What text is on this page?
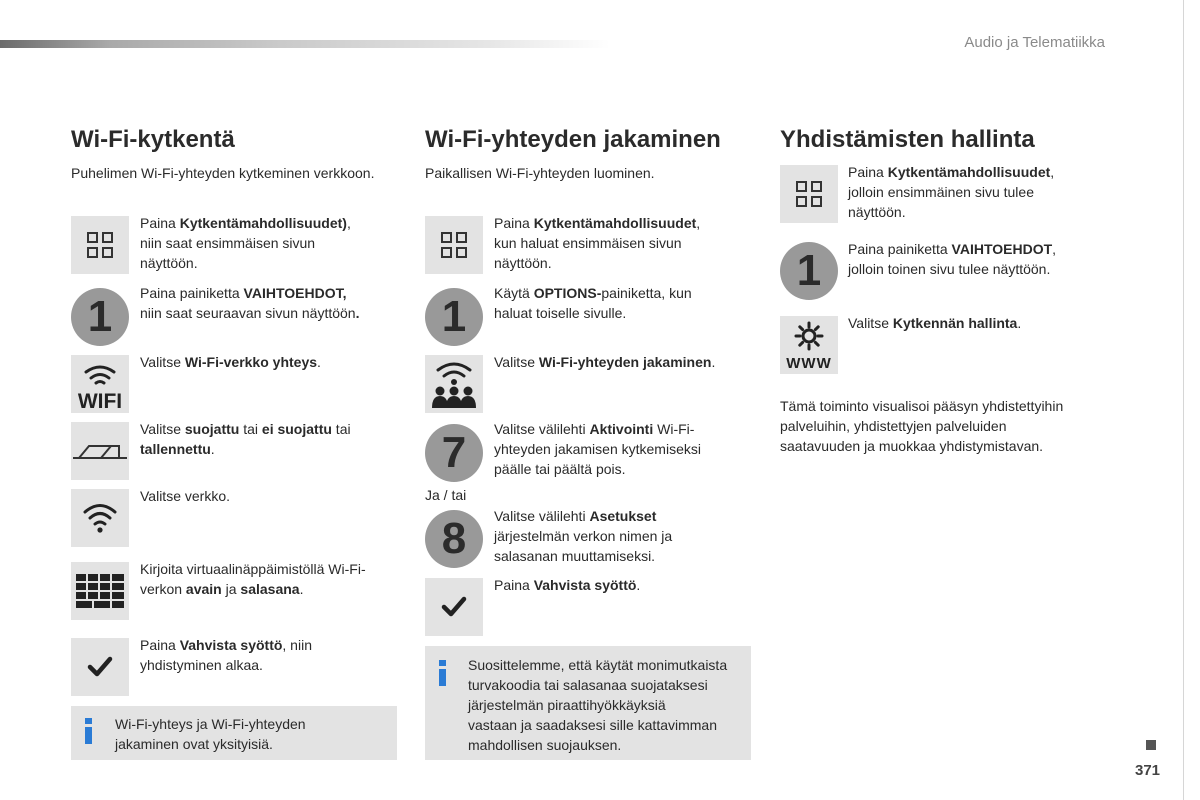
Audio ja Telematiikka
Wi-Fi-kytkentä
Puhelimen Wi-Fi-yhteyden kytkeminen verkkoon.
Paina Kytkentämahdollisuudet),
niin saat ensimmäisen sivun
näyttöön.
1 Paina painiketta VAIHTOEHDOT,
niin saat seuraavan sivun näyttöön.
WIFI
Valitse Wi-Fi-verkko yhteys.
Valitse suojattu tai ei suojattu tai
tallennettu.
Valitse verkko.
Kirjoita virtuaalinäppäimistöllä Wi-Fi-
verkon avain ja salasana.
Paina Vahvista syöttö, niin
yhdistyminen alkaa.
Wi-Fi-yhteys ja Wi-Fi-yhteyden
jakaminen ovat yksityisiä.
Wi-Fi-yhteyden jakaminen
Paikallisen Wi-Fi-yhteyden luominen.
Paina Kytkentämahdollisuudet,
kun haluat ensimmäisen sivun
näyttöön.
1 Käytä OPTIONS-painiketta, kun
haluat toiselle sivulle.
Valitse Wi-Fi-yhteyden jakaminen.
7 Valitse välilehti Aktivointi Wi-Fi-
yhteyden jakamisen kytkemiseksi
päälle tai päältä pois.
Ja / tai
8 Valitse välilehti Asetukset
järjestelmän verkon nimen ja
salasanan muuttamiseksi.
Paina Vahvista syöttö.
Suosittelemme, että käytät monimutkaista
turvakoodia tai salasanaa suojataksesi
järjestelmän piraattihyökkäyksiä
vastaan ja saadaksesi sille kattavimman
mahdollisen suojauksen.
Yhdistämisten hallinta
Paina Kytkentämahdollisuudet,
jolloin ensimmäinen sivu tulee
näyttöön.
1 Paina painiketta VAIHTOEHDOT,
jolloin toinen sivu tulee näyttöön.
WWW
Valitse Kytkennän hallinta.
Tämä toiminto visualisoi pääsyn yhdistettyihin
palveluihin, yhdistettyjen palveluiden
saatavuuden ja muokkaa yhdistymistavan.
371
